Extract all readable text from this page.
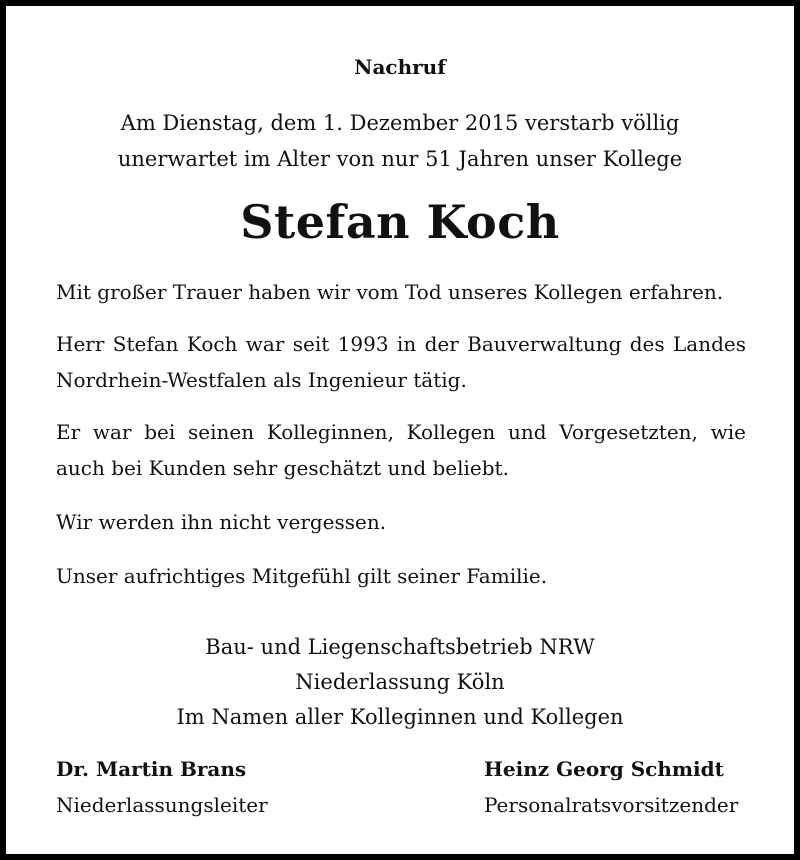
Nachruf

Am Dienstag, dem 1. Dezember 2015 verstarb völlig

unerwartet im Alter von nur 51 Jahren unser Kollege

Stefan Koch

Mit großer Trauer haben wir vom Tod unseres Kollegen erfahren.

Herr Stefan Koch war seit 1993 in der Bauverwaltung des Landes Nordrhein-Westfalen als Ingenieur tätig.

Er war bei seinen Kolleginnen, Kollegen und Vorgesetzten, wie auch bei Kunden sehr geschätzt und beliebt.

Wir werden ihn nicht vergessen.

Unser aufrichtiges Mitgefühl gilt seiner Familie.

Bau- und Liegenschaftsbetrieb NRW

Niederlassung Köln

Im Namen aller Kolleginnen und Kollegen

Dr. Martin Brans
Niederlassungsleiter
Heinz Georg Schmidt
Personalratsvorsitzender
